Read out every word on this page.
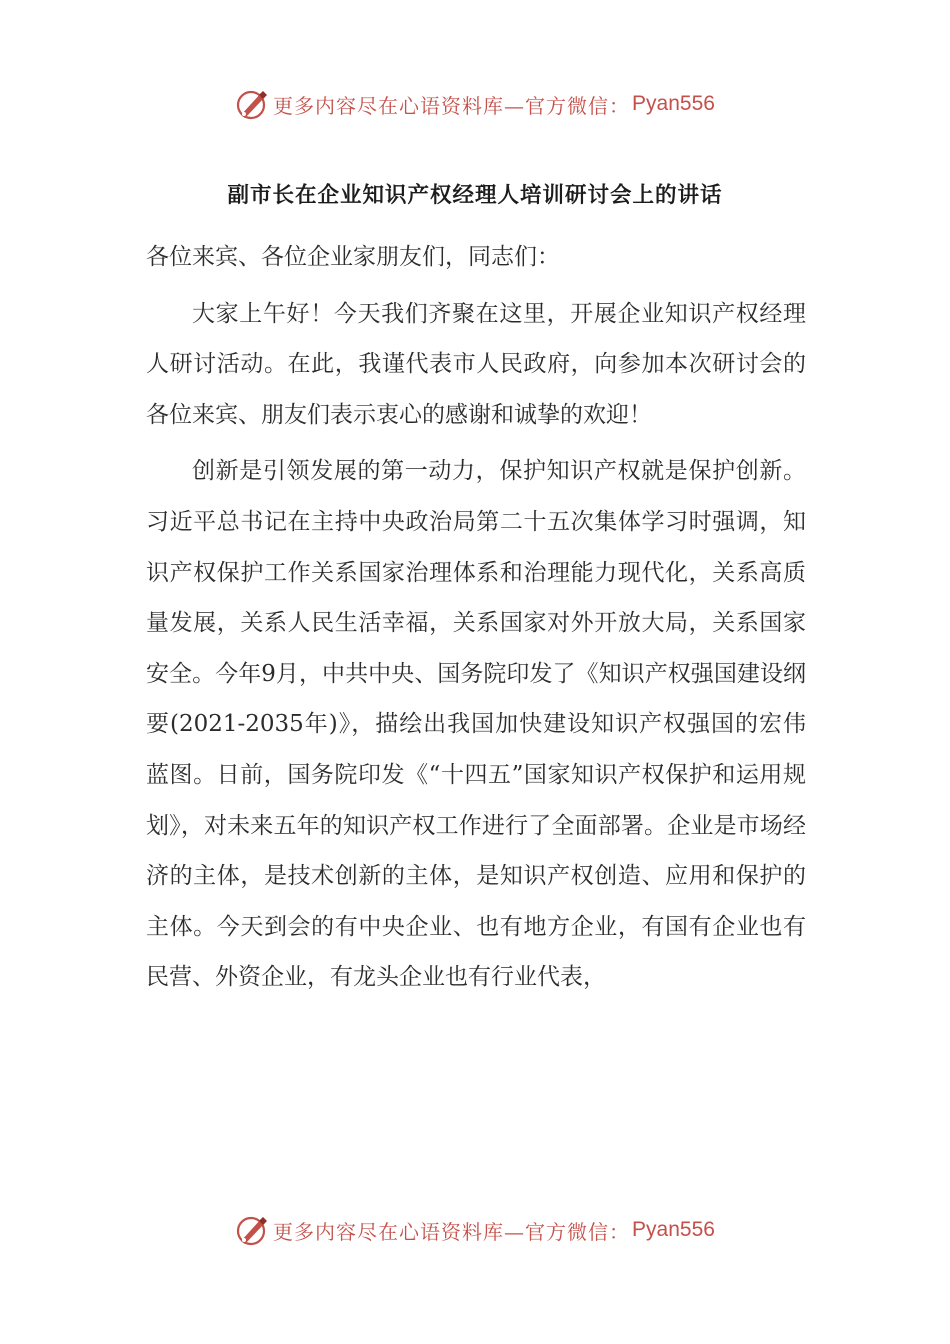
更多内容尽在心语资料库—官方微信： Pyan556
副市长在企业知识产权经理人培训研讨会上的讲话

各位来宾、各位企业家朋友们，同志们：

大家上午好！今天我们齐聚在这里，开展企业知识产权经理人研讨活动。在此，我谨代表市人民政府，向参加本次研讨会的各位来宾、朋友们表示衷心的感谢和诚挚的欢迎！

创新是引领发展的第一动力，保护知识产权就是保护创新。习近平总书记在主持中央政治局第二十五次集体学习时强调，知识产权保护工作关系国家治理体系和治理能力现代化，关系高质量发展，关系人民生活幸福，关系国家对外开放大局，关系国家安全。今年9月，中共中央、国务院印发了《知识产权强国建设纲要(2021-2035年)》，描绘出我国加快建设知识产权强国的宏伟蓝图。日前，国务院印发《“十四五”国家知识产权保护和运用规划》，对未来五年的知识产权工作进行了全面部署。企业是市场经济的主体，是技术创新的主体，是知识产权创造、应用和保护的主体。今天到会的有中央企业、也有地方企业，有国有企业也有民营、外资企业，有龙头企业也有行业代表，

更多内容尽在心语资料库—官方微信： Pyan556
